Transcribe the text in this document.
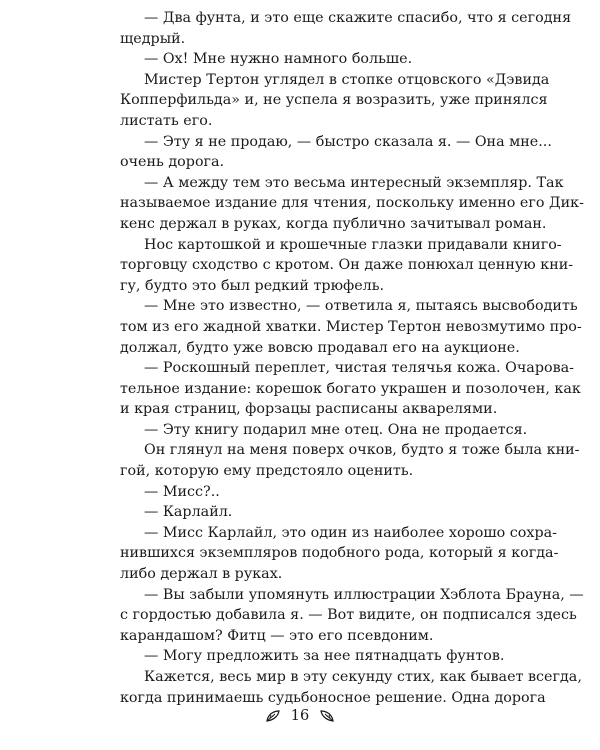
— Два фунта, и это еще скажите спасибо, что я сегодня
щедрый.
— Ох! Мне нужно намного больше.
Мистер Тертон углядел в стопке отцовского «Дэвида
Копперфильда» и, не успела я возразить, уже принялся
листать его.
— Эту я не продаю, — быстро сказала я. — Она мне...
очень дорога.
— А между тем это весьма интересный экземпляр. Так
называемое издание для чтения, поскольку именно его Дик-
кенс держал в руках, когда публично зачитывал роман.
Нос картошкой и крошечные глазки придавали книго-
торговцу сходство с кротом. Он даже понюхал ценную кни-
гу, будто это был редкий трюфель.
— Мне это известно, — ответила я, пытаясь высвободить
том из его жадной хватки. Мистер Тертон невозмутимо про-
должал, будто уже вовсю продавал его на аукционе.
— Роскошный переплет, чистая телячья кожа. Очарова-
тельное издание: корешок богато украшен и позолочен, как
и края страниц, форзацы расписаны акварелями.
— Эту книгу подарил мне отец. Она не продается.
Он глянул на меня поверх очков, будто я тоже была кни-
гой, которую ему предстояло оценить.
— Мисс?..
— Карлайл.
— Мисс Карлайл, это один из наиболее хорошо сохра-
нившихся экземпляров подобного рода, который я когда-
либо держал в руках.
— Вы забыли упомянуть иллюстрации Хэблота Брауна, —
с гордостью добавила я. — Вот видите, он подписался здесь
карандашом? Фитц — это его псевдоним.
— Могу предложить за нее пятнадцать фунтов.
Кажется, весь мир в эту секунду стих, как бывает всегда,
когда принимаешь судьбоносное решение. Одна дорога
16
